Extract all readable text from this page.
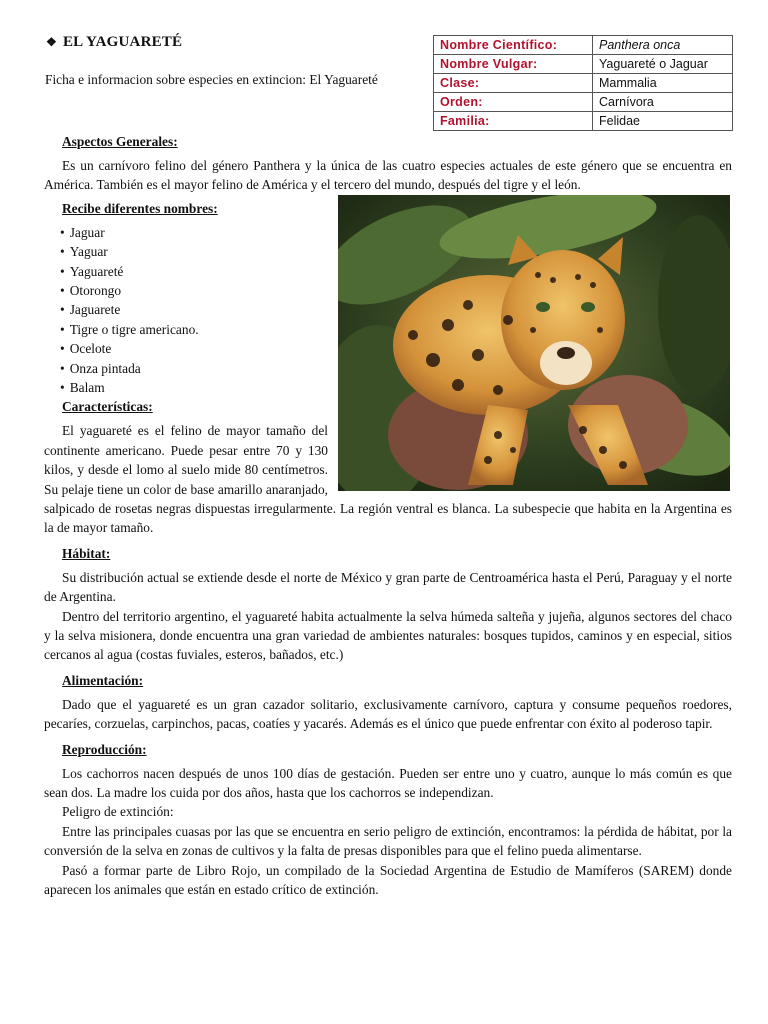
❖ EL YAGUARETÉ
Ficha e informacion sobre especies en extincion: El Yaguareté
Nombre Científico:	Panthera onca
Nombre Vulgar:	Yaguareté o Jaguar
Clase:	Mammalia
Orden:	Carnívora
Familia:	Felidae
Aspectos Generales:

Es un carnívoro felino del género Panthera y la única de las cuatro especies actuales de este género que se encuentra en América. También es el mayor felino de América y el tercero del mundo, después del tigre y el león.

Recibe diferentes nombres:
• Jaguar
• Yaguar
• Yaguareté
• Otorongo
• Jaguarete
• Tigre o tigre americano.
• Ocelote
• Onza pintada
• Balam
Características:

El yaguareté es el felino de mayor tamaño del continente americano. Puede pesar entre 70 y 130 kilos, y desde el lomo al suelo mide 80 centímetros. Su pelaje tiene un color de base amarillo anaranjado, salpicado de rosetas negras dispuestas irregularmente. La región ventral es blanca. La subespecie que habita en la Argentina es la de mayor tamaño.

Hábitat:

Su distribución actual se extiende desde el norte de México y gran parte de Centroamérica hasta el Perú, Paraguay y el norte de Argentina.

Dentro del territorio argentino, el yaguareté habita actualmente la selva húmeda salteña y jujeña, algunos sectores del chaco y la selva misionera, donde encuentra una gran variedad de ambientes naturales: bosques tupidos, caminos y en especial, sitios cercanos al agua (costas fuviales, esteros, bañados, etc.)

Alimentación:

Dado que el yaguareté es un gran cazador solitario, exclusivamente carnívoro, captura y consume pequeños roedores, pecaríes, corzuelas, carpinchos, pacas, coatíes y yacarés. Además es el único que puede enfrentar con éxito al poderoso tapir.

Reproducción:

Los cachorros nacen después de unos 100 días de gestación. Pueden ser entre uno y cuatro, aunque lo más común es que sean dos. La madre los cuida por dos años, hasta que los cachorros se independizan.

Peligro de extinción:

Entre las principales cuasas por las que se encuentra en serio peligro de extinción, encontramos: la pérdida de hábitat, por la conversión de la selva en zonas de cultivos y la falta de presas disponibles para que el felino pueda alimentarse.

Pasó a formar parte de Libro Rojo, un compilado de la Sociedad Argentina de Estudio de Mamíferos (SAREM) donde aparecen los animales que están en estado crítico de extinción.
